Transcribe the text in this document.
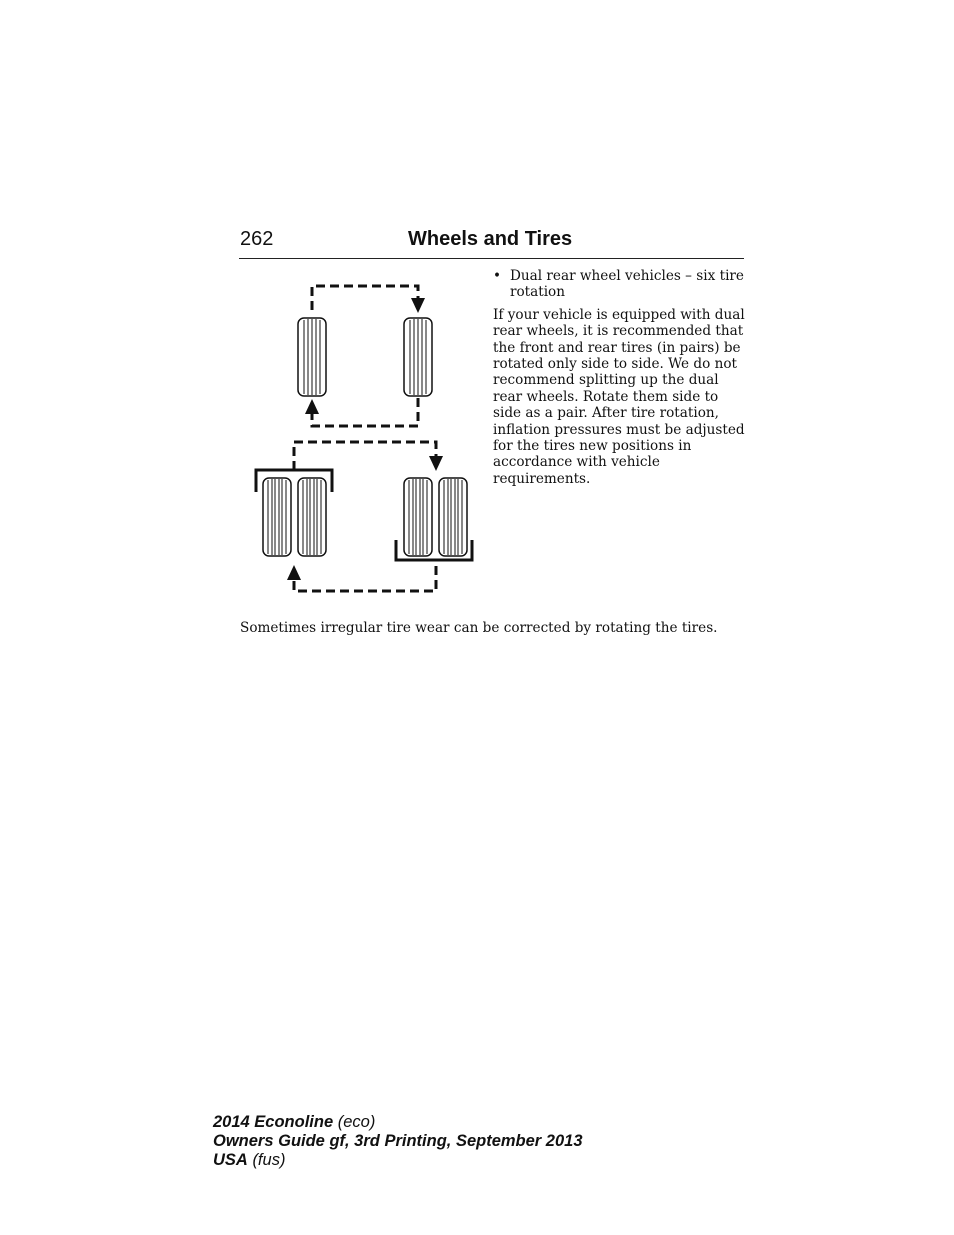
262	Wheels and Tires
• Dual rear wheel vehicles – six tire rotation
If your vehicle is equipped with dual rear wheels, it is recommended that the front and rear tires (in pairs) be rotated only side to side. We do not recommend splitting up the dual rear wheels. Rotate them side to side as a pair. After tire rotation, inflation pressures must be adjusted for the tires new positions in accordance with vehicle requirements.
Sometimes irregular tire wear can be corrected by rotating the tires.
2014 Econoline (eco)
Owners Guide gf, 3rd Printing, September 2013
USA (fus)
